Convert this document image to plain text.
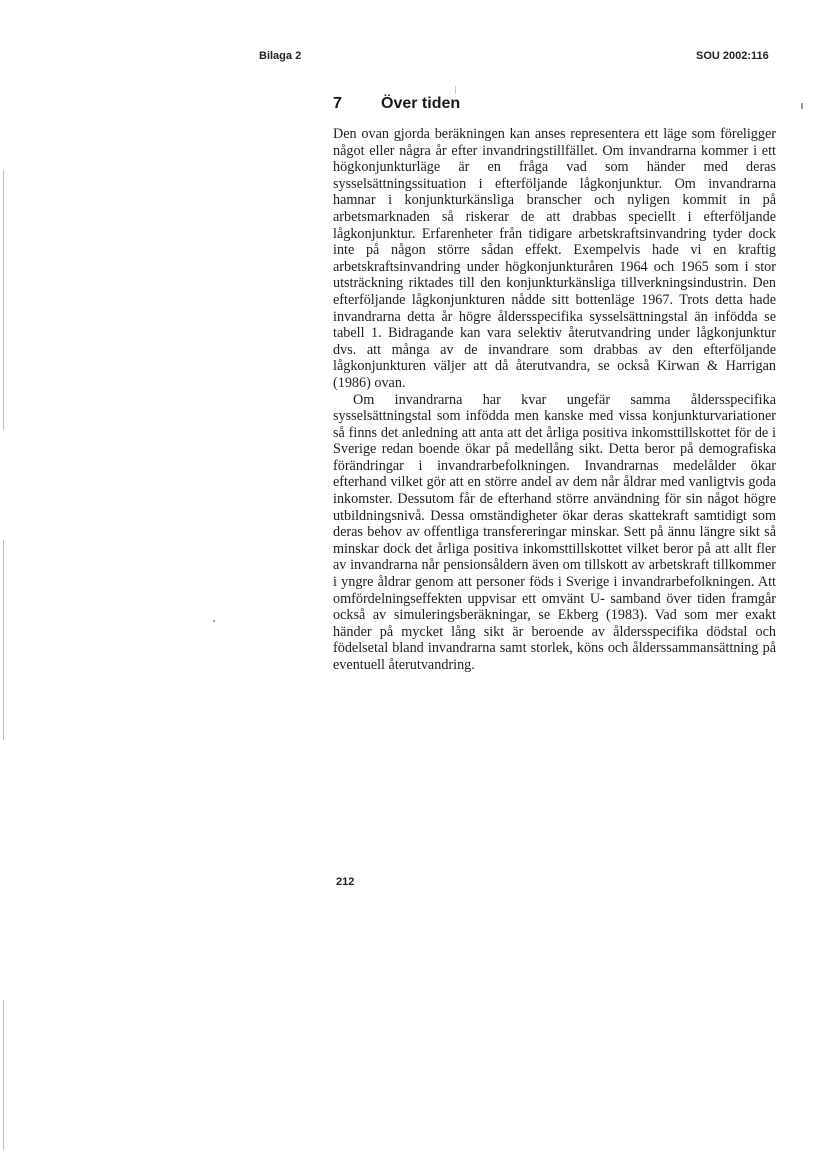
Bilaga 2	SOU 2002:116
7 Över tiden

Den ovan gjorda beräkningen kan anses representera ett läge som föreligger något eller några år efter invandringstillfället. Om invandrarna kommer i ett högkonjunkturläge är en fråga vad som händer med deras sysselsättningssituation i efterföljande lågkonjunktur. Om invandrarna hamnar i konjunkturkänsliga branscher och nyligen kommit in på arbetsmarknaden så riskerar de att drabbas speciellt i efterföljande lågkonjunktur. Erfarenheter från tidigare arbetskraftsinvandring tyder dock inte på någon större sådan effekt. Exempelvis hade vi en kraftig arbetskraftsinvandring under högkonjunkturåren 1964 och 1965 som i stor utsträckning riktades till den konjunkturkänsliga tillverkningsindustrin. Den efterföljande lågkonjunkturen nådde sitt bottenläge 1967. Trots detta hade invandrarna detta år högre åldersspecifika sysselsättningstal än infödda se tabell 1. Bidragande kan vara selektiv återutvandring under lågkonjunktur dvs. att många av de invandrare som drabbas av den efterföljande lågkonjunkturen väljer att då återutvandra, se också Kirwan & Harrigan (1986) ovan.

Om invandrarna har kvar ungefär samma åldersspecifika sysselsättningstal som infödda men kanske med vissa konjunkturvariationer så finns det anledning att anta att det årliga positiva inkomsttillskottet för de i Sverige redan boende ökar på medellång sikt. Detta beror på demografiska förändringar i invandrarbefolkningen. Invandrarnas medelålder ökar efterhand vilket gör att en större andel av dem når åldrar med vanligtvis goda inkomster. Dessutom får de efterhand större användning för sin något högre utbildningsnivå. Dessa omständigheter ökar deras skattekraft samtidigt som deras behov av offentliga transfereringar minskar. Sett på ännu längre sikt så minskar dock det årliga positiva inkomsttillskottet vilket beror på att allt fler av invandrarna når pensionsåldern även om tillskott av arbetskraft tillkommer i yngre åldrar genom att personer föds i Sverige i invandrarbefolkningen. Att omfördelningseffekten uppvisar ett omvänt U- samband över tiden framgår också av simuleringsberäkningar, se Ekberg (1983). Vad som mer exakt händer på mycket lång sikt är beroende av åldersspecifika dödstal och födelsetal bland invandrarna samt storlek, köns och ålderssammansättning på eventuell återutvandring.

212
